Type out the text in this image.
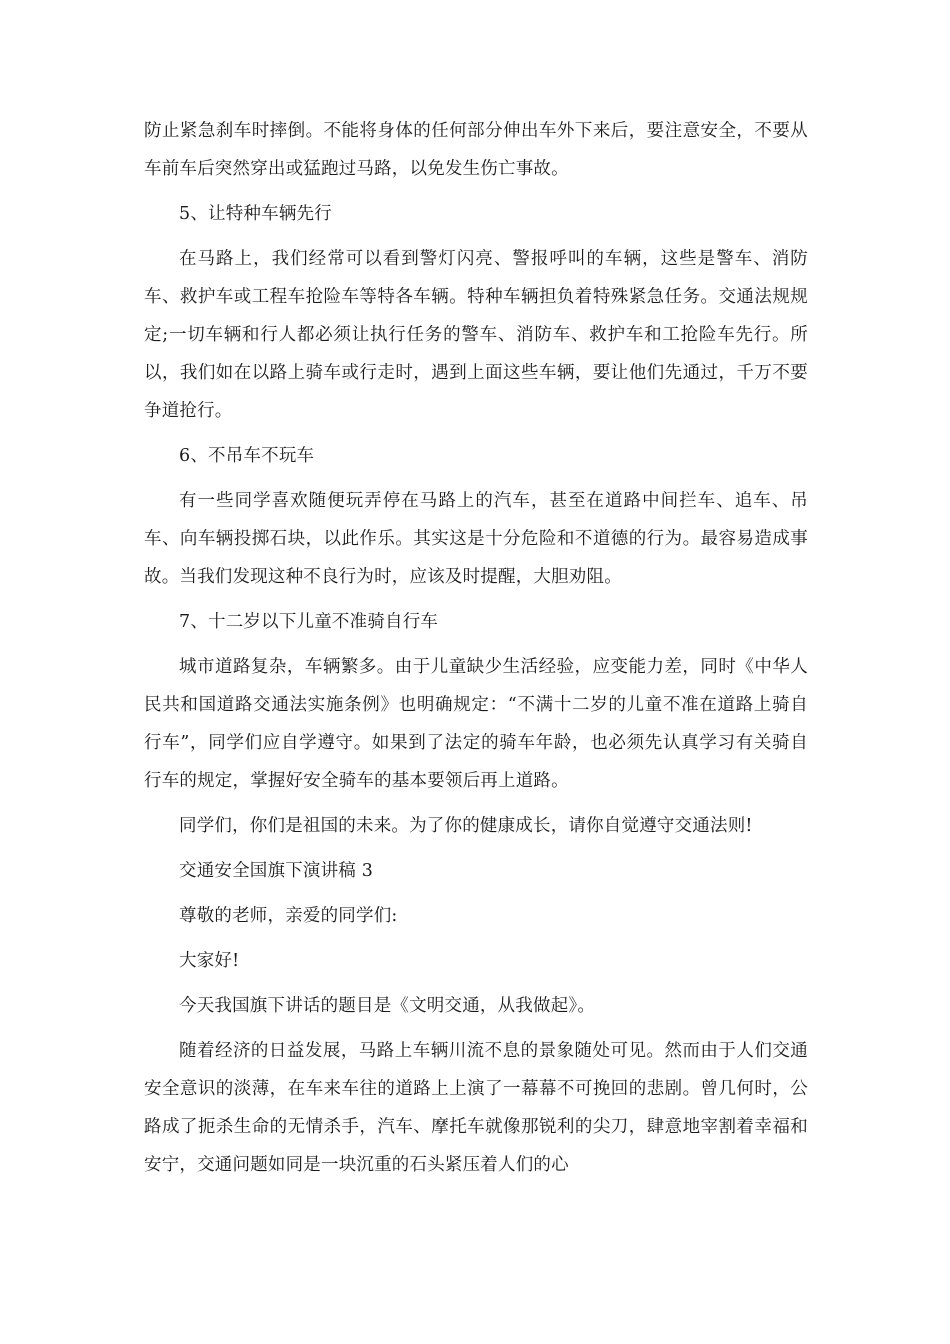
防止紧急刹车时摔倒。不能将身体的任何部分伸出车外下来后，要注意安全，不要从车前车后突然穿出或猛跑过马路，以免发生伤亡事故。

5、让特种车辆先行

在马路上，我们经常可以看到警灯闪亮、警报呼叫的车辆，这些是警车、消防车、救护车或工程车抢险车等特各车辆。特种车辆担负着特殊紧急任务。交通法规规定;一切车辆和行人都必须让执行任务的警车、消防车、救护车和工抢险车先行。所以，我们如在以路上骑车或行走时，遇到上面这些车辆，要让他们先通过，千万不要争道抢行。

6、不吊车不玩车

有一些同学喜欢随便玩弄停在马路上的汽车，甚至在道路中间拦车、追车、吊车、向车辆投掷石块，以此作乐。其实这是十分危险和不道德的行为。最容易造成事故。当我们发现这种不良行为时，应该及时提醒，大胆劝阻。

7、十二岁以下儿童不准骑自行车

城市道路复杂，车辆繁多。由于儿童缺少生活经验，应变能力差，同时《中华人民共和国道路交通法实施条例》也明确规定：“不满十二岁的儿童不准在道路上骑自行车”，同学们应自学遵守。如果到了法定的骑车年龄，也必须先认真学习有关骑自行车的规定，掌握好安全骑车的基本要领后再上道路。

同学们，你们是祖国的未来。为了你的健康成长，请你自觉遵守交通法则!

交通安全国旗下演讲稿 3

尊敬的老师，亲爱的同学们:

大家好!

今天我国旗下讲话的题目是《文明交通，从我做起》。

随着经济的日益发展，马路上车辆川流不息的景象随处可见。然而由于人们交通安全意识的淡薄，在车来车往的道路上上演了一幕幕不可挽回的悲剧。曾几何时，公路成了扼杀生命的无情杀手，汽车、摩托车就像那锐利的尖刀，肆意地宰割着幸福和安宁，交通问题如同是一块沉重的石头紧压着人们的心
